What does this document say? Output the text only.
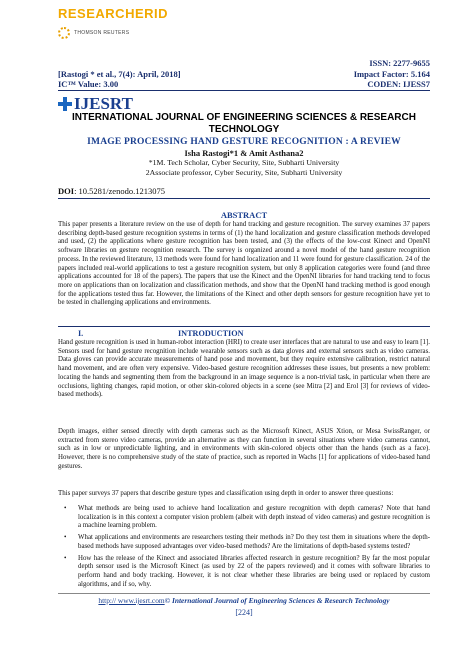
RESEARCHERID
THOMSON REUTERS
ISSN: 2277-9655
[Rastogi * et al., 7(4): April, 2018]	Impact Factor: 5.164
IC™ Value: 3.00	CODEN: IJESS7
IJESRT
INTERNATIONAL JOURNAL OF ENGINEERING SCIENCES & RESEARCH TECHNOLOGY
IMAGE PROCESSING HAND GESTURE RECOGNITION : A REVIEW
Isha Rastogi*1 & Amit Asthana2
*1M. Tech Scholar, Cyber Security, Site, Subharti University
2Associate professor, Cyber Security, Site, Subharti University
DOI: 10.5281/zenodo.1213075
ABSTRACT
This paper presents a literature review on the use of depth for hand tracking and gesture recognition. The survey examines 37 papers describing depth-based gesture recognition systems in terms of (1) the hand localization and gesture classification methods developed and used, (2) the applications where gesture recognition has been tested, and (3) the effects of the low-cost Kinect and OpenNI software libraries on gesture recognition research. The survey is organized around a novel model of the hand gesture recognition process. In the reviewed literature, 13 methods were found for hand localization and 11 were found for gesture classification. 24 of the papers included real-world applications to test a gesture recognition system, but only 8 application categories were found (and three applications accounted for 18 of the papers). The papers that use the Kinect and the OpenNI libraries for hand tracking tend to focus more on applications than on localization and classification methods, and show that the OpenNI hand tracking method is good enough for the applications tested thus far. However, the limitations of the Kinect and other depth sensors for gesture recognition have yet to be tested in challenging applications and environments.
I.	INTRODUCTION
Hand gesture recognition is used in human-robot interaction (HRI) to create user interfaces that are natural to use and easy to learn [1]. Sensors used for hand gesture recognition include wearable sensors such as data gloves and external sensors such as video cameras. Data gloves can provide accurate measurements of hand pose and movement, but they require extensive calibration, restrict natural hand movement, and are often very expensive. Video-based gesture recognition addresses these issues, but presents a new problem: locating the hands and segmenting them from the background in an image sequence is a non-trivial task, in particular when there are occlusions, lighting changes, rapid motion, or other skin-colored objects in a scene (see Mitra [2] and Erol [3] for reviews of video-based methods).
Depth images, either sensed directly with depth cameras such as the Microsoft Kinect, ASUS Xtion, or Mesa SwissRanger, or extracted from stereo video cameras, provide an alternative as they can function in several situations where video cameras cannot, such as in low or unpredictable lighting, and in environments with skin-colored objects other than the hands (such as a face). However, there is no comprehensive study of the state of practice, such as reported in Wachs [1] for applications of video-based hand gestures.
This paper surveys 37 papers that describe gesture types and classification using depth in order to answer three questions:
•	What methods are being used to achieve hand localization and gesture recognition with depth cameras? Note that hand localization is in this context a computer vision problem (albeit with depth instead of video cameras) and gesture recognition is a machine learning problem.
•	What applications and environments are researchers testing their methods in? Do they test them in situations where the depth-based methods have supposed advantages over video-based methods? Are the limitations of depth-based systems tested?
•	How has the release of the Kinect and associated libraries affected research in gesture recognition? By far the most popular depth sensor used is the Microsoft Kinect (as used by 22 of the papers reviewed) and it comes with software libraries to perform hand and body tracking. However, it is not clear whether these libraries are being used or replaced by custom algorithms, and if so, why.
http:// www.ijesrt.com© International Journal of Engineering Sciences & Research Technology
[224]
